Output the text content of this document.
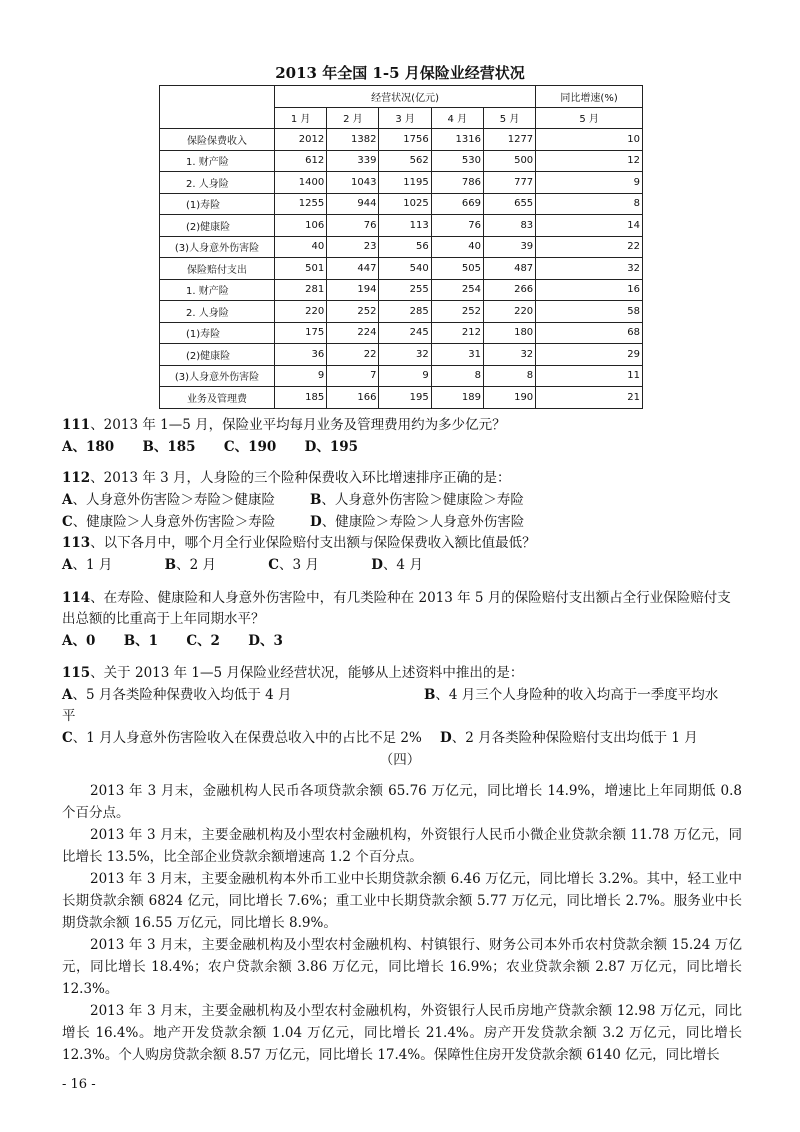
2013 年全国 1-5 月保险业经营状况
	经营状况(亿元)					同比增速(%)
	1 月	2 月	3 月	4 月	5 月	5 月
保险保费收入	2012	1382	1756	1316	1277	10
1. 财产险	612	339	562	530	500	12
2. 人身险	1400	1043	1195	786	777	9
(1)寿险	1255	944	1025	669	655	8
(2)健康险	106	76	113	76	83	14
(3)人身意外伤害险	40	23	56	40	39	22
保险赔付支出	501	447	540	505	487	32
1. 财产险	281	194	255	254	266	16
2. 人身险	220	252	285	252	220	58
(1)寿险	175	224	245	212	180	68
(2)健康险	36	22	32	31	32	29
(3)人身意外伤害险	9	7	9	8	8	11
业务及管理费	185	166	195	189	190	21
111、2013 年 1—5 月，保险业平均每月业务及管理费用约为多少亿元？
A、180 B、185 C、190 D、195
112、2013 年 3 月，人身险的三个险种保费收入环比增速排序正确的是：
A、人身意外伤害险＞寿险＞健康险	B、人身意外伤害险＞健康险＞寿险
C、健康险＞人身意外伤害险＞寿险	D、健康险＞寿险＞人身意外伤害险
113、以下各月中，哪个月全行业保险赔付支出额与保险保费收入额比值最低？
A、1 月	B、2 月	C、3 月	D、4 月
114、在寿险、健康险和人身意外伤害险中，有几类险种在 2013 年 5 月的保险赔付支出额占全行业保险赔付支
出总额的比重高于上年同期水平？
A、0 B、1 C、2 D、3
115、关于 2013 年 1—5 月保险业经营状况，能够从上述资料中推出的是：
A、5 月各类险种保费收入均低于 4 月	B、4 月三个人身险种的收入均高于一季度平均水
平
C、1 月人身意外伤害险收入在保费总收入中的占比不足 2% D、2 月各类险种保险赔付支出均低于 1 月
（四）
2013 年 3 月末，金融机构人民币各项贷款余额 65.76 万亿元，同比增长 14.9%，增速比上年同期低 0.8 个百分点。
2013 年 3 月末，主要金融机构及小型农村金融机构，外资银行人民币小微企业贷款余额 11.78 万亿元，同比增长 13.5%，比全部企业贷款余额增速高 1.2 个百分点。
2013 年 3 月末，主要金融机构本外币工业中长期贷款余额 6.46 万亿元，同比增长 3.2%。其中，轻工业中长期贷款余额 6824 亿元，同比增长 7.6%；重工业中长期贷款余额 5.77 万亿元，同比增长 2.7%。服务业中长期贷款余额 16.55 万亿元，同比增长 8.9%。
2013 年 3 月末，主要金融机构及小型农村金融机构、村镇银行、财务公司本外币农村贷款余额 15.24 万亿元，同比增长 18.4%；农户贷款余额 3.86 万亿元，同比增长 16.9%；农业贷款余额 2.87 万亿元，同比增长 12.3%。
2013 年 3 月末，主要金融机构及小型农村金融机构，外资银行人民币房地产贷款余额 12.98 万亿元，同比增长 16.4%。地产开发贷款余额 1.04 万亿元，同比增长 21.4%。房产开发贷款余额 3.2 万亿元，同比增长 12.3%。个人购房贷款余额 8.57 万亿元，同比增长 17.4%。保障性住房开发贷款余额 6140 亿元，同比增长
- 16 -
